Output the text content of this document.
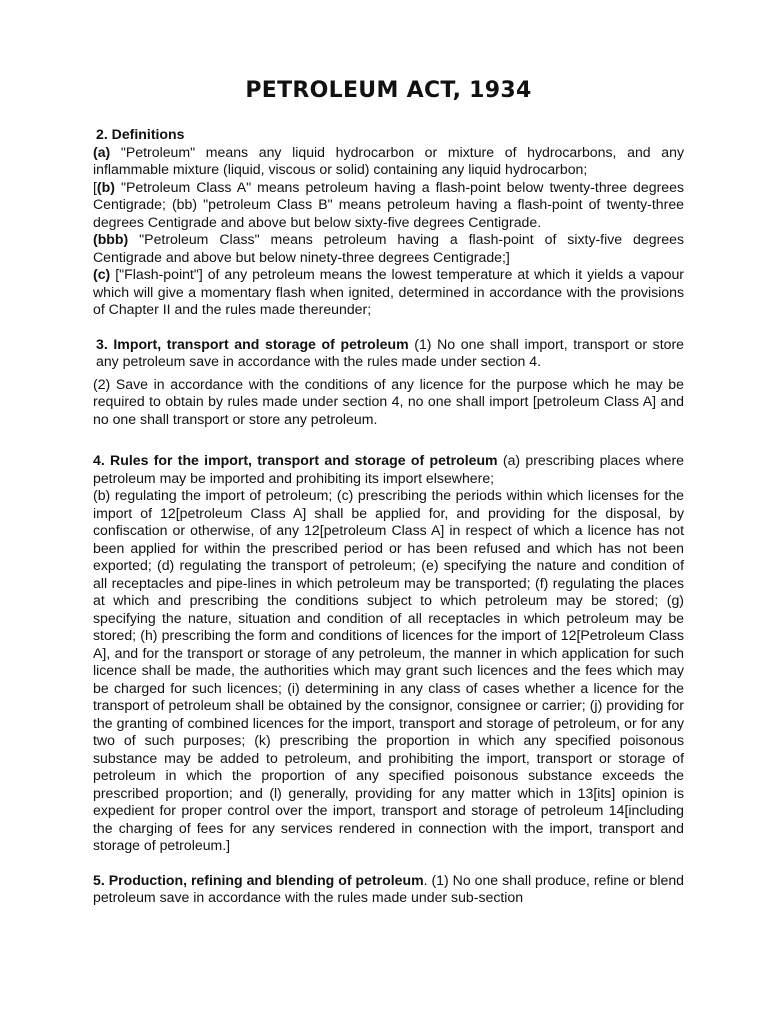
PETROLEUM ACT, 1934
2. Definitions
(a) "Petroleum" means any liquid hydrocarbon or mixture of hydrocarbons, and any inflammable mixture (liquid, viscous or solid) containing any liquid hydrocarbon;
[(b) "Petroleum Class A" means petroleum having a flash-point below twenty-three degrees Centigrade; (bb) "petroleum Class B" means petroleum having a flash-point of twenty-three degrees Centigrade and above but below sixty-five degrees Centigrade.
(bbb) "Petroleum Class" means petroleum having a flash-point of sixty-five degrees Centigrade and above but below ninety-three degrees Centigrade;]
(c) ["Flash-point"] of any petroleum means the lowest temperature at which it yields a vapour which will give a momentary flash when ignited, determined in accordance with the provisions of Chapter II and the rules made thereunder;
3. Import, transport and storage of petroleum (1) No one shall import, transport or store any petroleum save in accordance with the rules made under section 4.
(2) Save in accordance with the conditions of any licence for the purpose which he may be required to obtain by rules made under section 4, no one shall import [petroleum Class A] and no one shall transport or store any petroleum.
4. Rules for the import, transport and storage of petroleum (a) prescribing places where petroleum may be imported and prohibiting its import elsewhere;
(b) regulating the import of petroleum; (c) prescribing the periods within which licenses for the import of 12[petroleum Class A] shall be applied for, and providing for the disposal, by confiscation or otherwise, of any 12[petroleum Class A] in respect of which a licence has not been applied for within the prescribed period or has been refused and which has not been exported; (d) regulating the transport of petroleum; (e) specifying the nature and condition of all receptacles and pipe-lines in which petroleum may be transported; (f) regulating the places at which and prescribing the conditions subject to which petroleum may be stored; (g) specifying the nature, situation and condition of all receptacles in which petroleum may be stored; (h) prescribing the form and conditions of licences for the import of 12[Petroleum Class A], and for the transport or storage of any petroleum, the manner in which application for such licence shall be made, the authorities which may grant such licences and the fees which may be charged for such licences; (i) determining in any class of cases whether a licence for the transport of petroleum shall be obtained by the consignor, consignee or carrier; (j) providing for the granting of combined licences for the import, transport and storage of petroleum, or for any two of such purposes; (k) prescribing the proportion in which any specified poisonous substance may be added to petroleum, and prohibiting the import, transport or storage of petroleum in which the proportion of any specified poisonous substance exceeds the prescribed proportion; and (l) generally, providing for any matter which in 13[its] opinion is expedient for proper control over the import, transport and storage of petroleum 14[including the charging of fees for any services rendered in connection with the import, transport and storage of petroleum.]
5. Production, refining and blending of petroleum. (1) No one shall produce, refine or blend petroleum save in accordance with the rules made under sub-section
